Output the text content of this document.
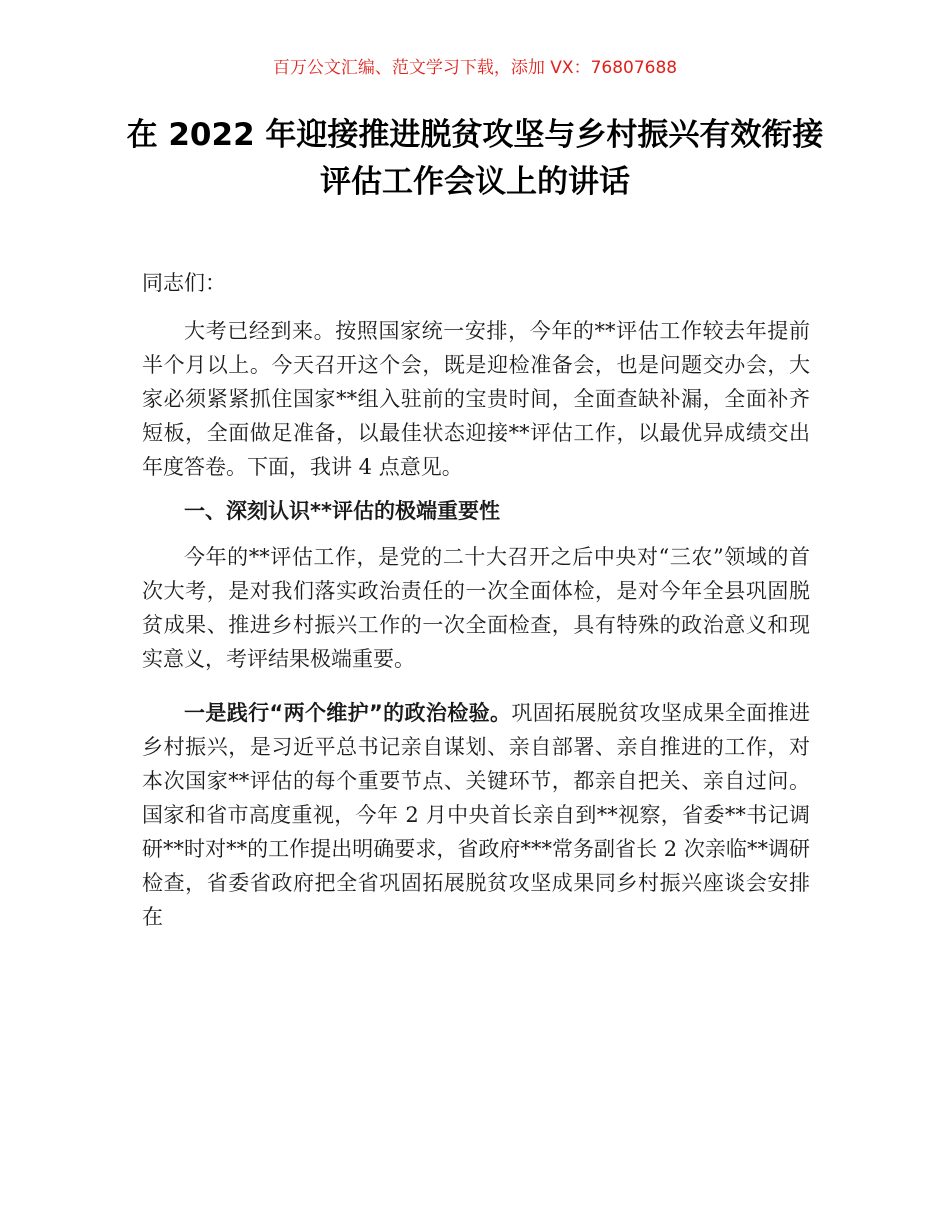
百万公文汇编、范文学习下载，添加 VX：76807688
在 2022 年迎接推进脱贫攻坚与乡村振兴有效衔接评估工作会议上的讲话

同志们：

大考已经到来。按照国家统一安排，今年的**评估工作较去年提前半个月以上。今天召开这个会，既是迎检准备会，也是问题交办会，大家必须紧紧抓住国家**组入驻前的宝贵时间，全面查缺补漏，全面补齐短板，全面做足准备，以最佳状态迎接**评估工作，以最优异成绩交出年度答卷。下面，我讲 4 点意见。

一、深刻认识**评估的极端重要性

今年的**评估工作，是党的二十大召开之后中央对“三农”领域的首次大考，是对我们落实政治责任的一次全面体检，是对今年全县巩固脱贫成果、推进乡村振兴工作的一次全面检查，具有特殊的政治意义和现实意义，考评结果极端重要。

一是践行“两个维护”的政治检验。巩固拓展脱贫攻坚成果全面推进乡村振兴，是习近平总书记亲自谋划、亲自部署、亲自推进的工作，对本次国家**评估的每个重要节点、关键环节，都亲自把关、亲自过问。国家和省市高度重视，今年 2 月中央首长亲自到**视察，省委**书记调研**时对**的工作提出明确要求，省政府***常务副省长 2 次亲临**调研检查，省委省政府把全省巩固拓展脱贫攻坚成果同乡村振兴座谈会安排在
